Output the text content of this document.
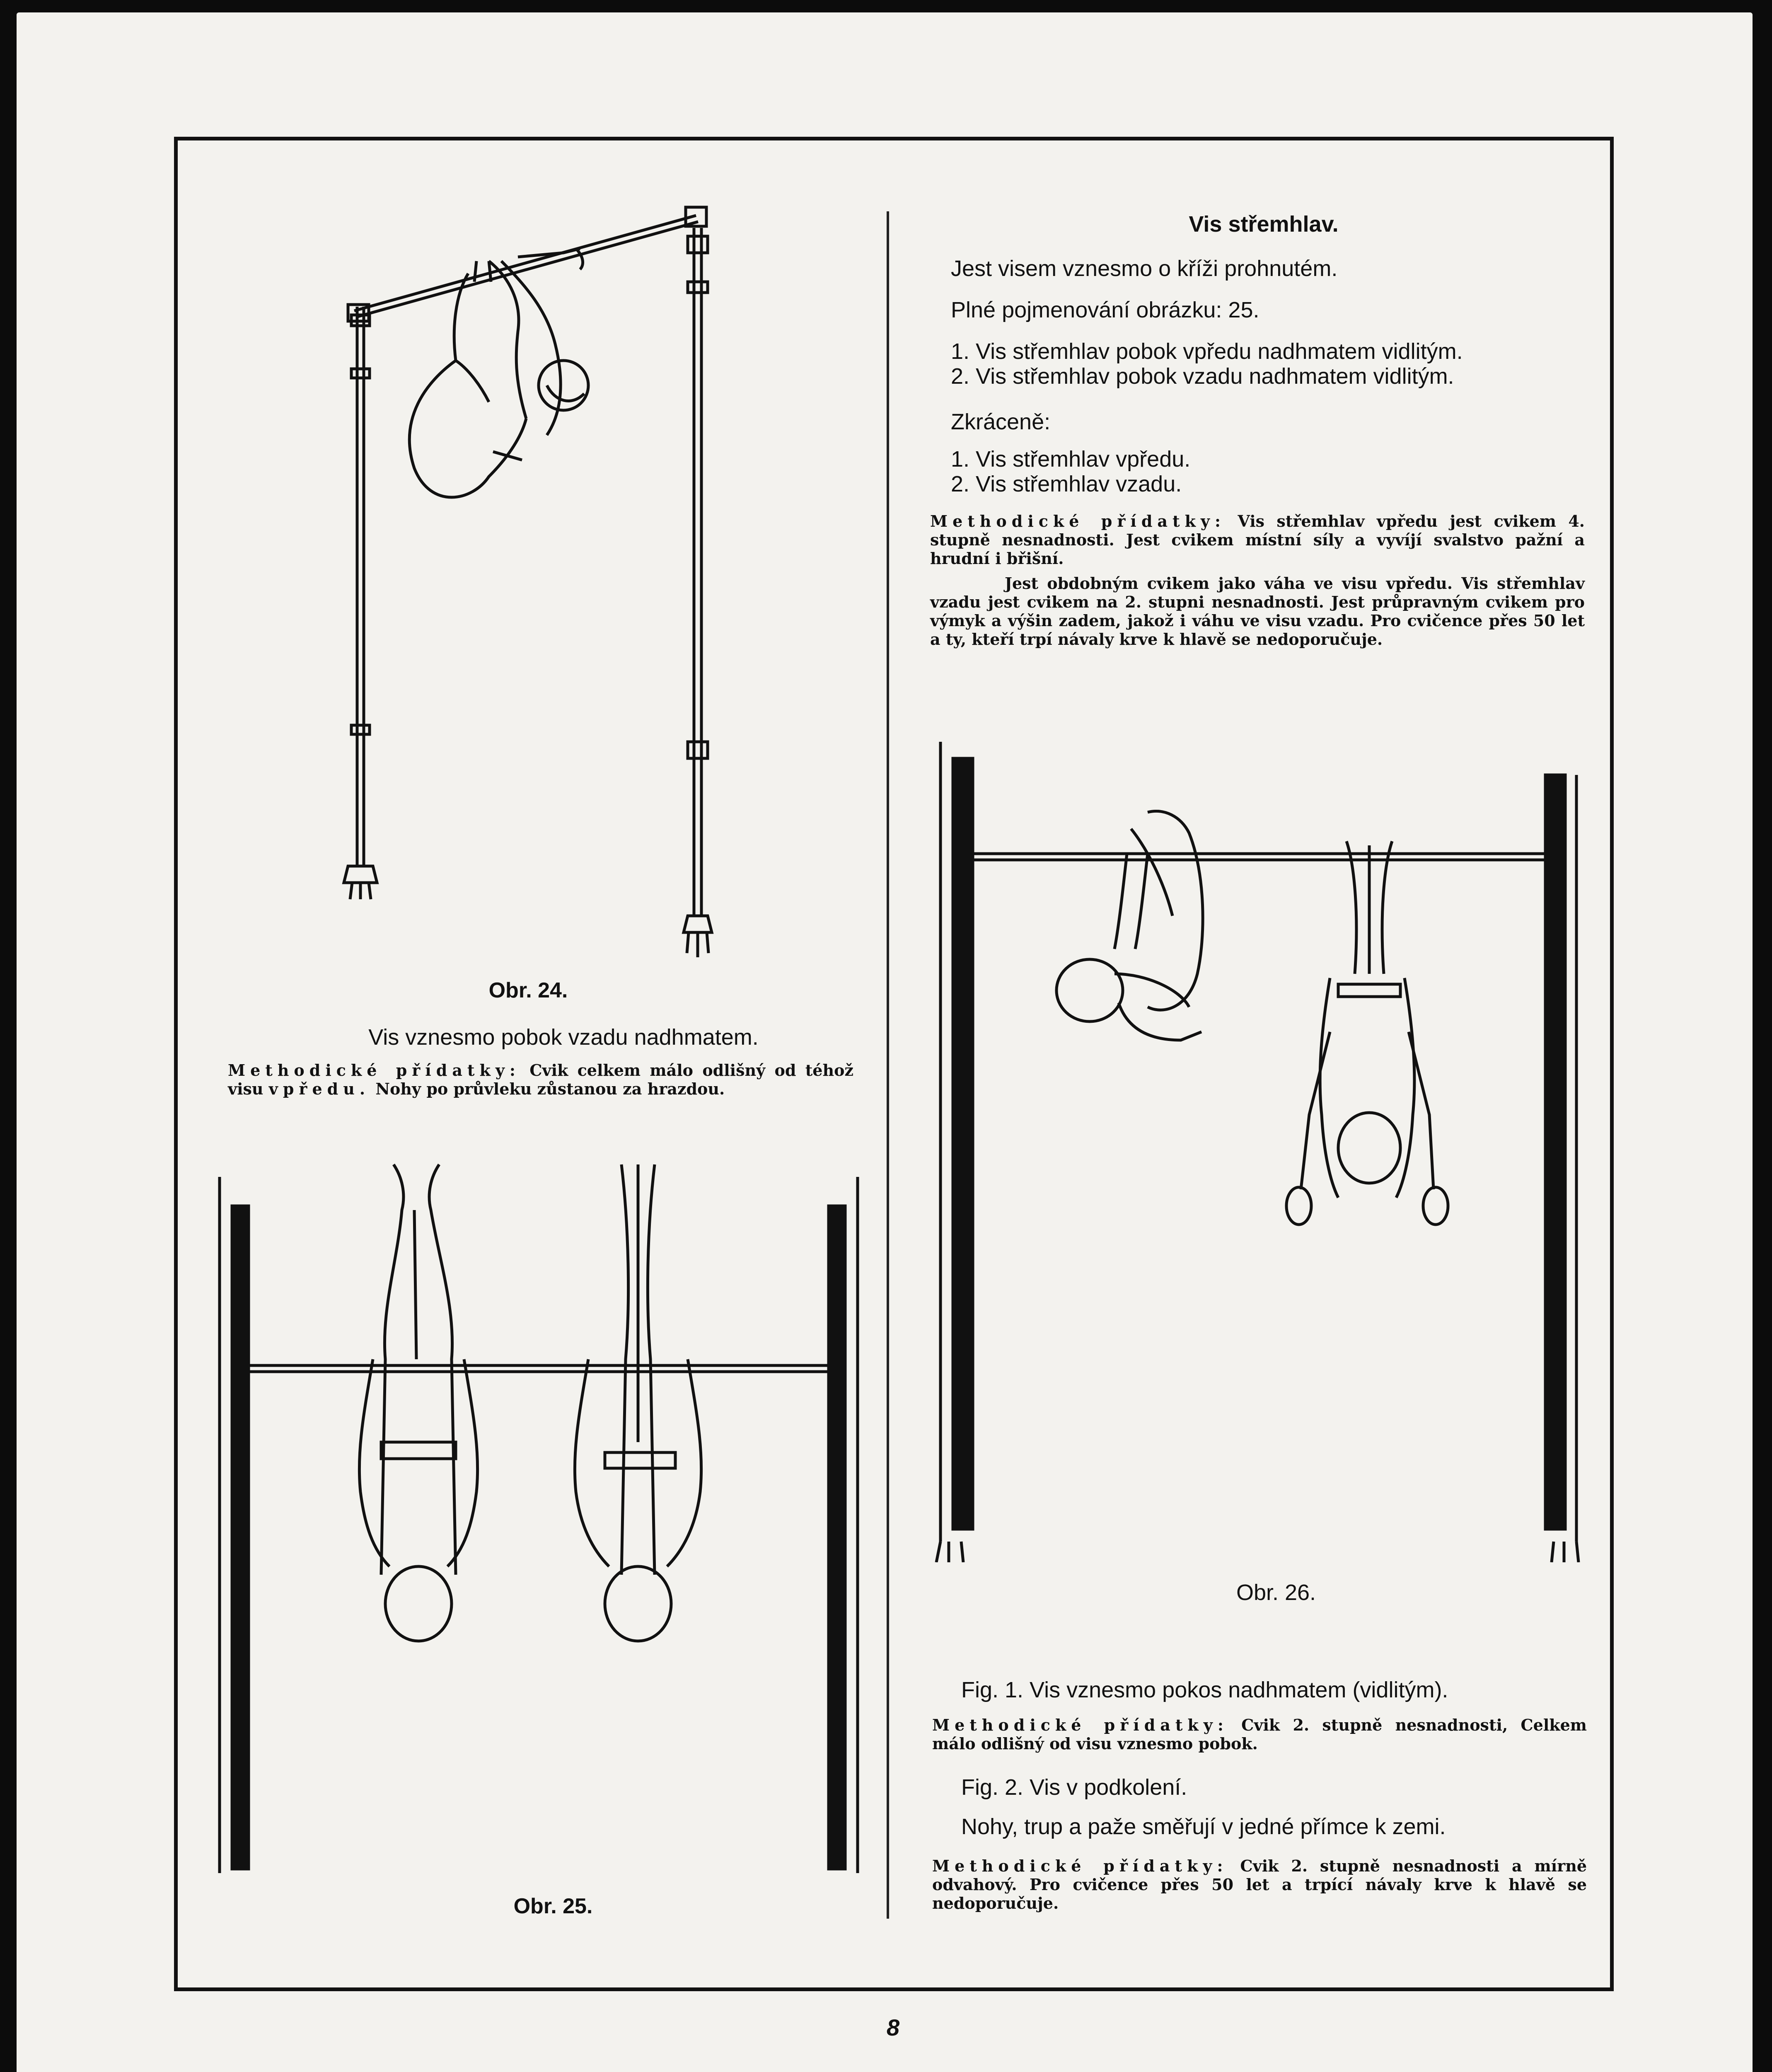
Obr. 24.
Vis vznesmo pobok vzadu nadhmatem.
Methodické přídatky: Cvik celkem málo odlišný od téhož visu vpředu. Nohy po průvleku zůstanou za hrazdou.
Obr. 25.
Vis střemhlav.
Jest visem vznesmo o kříži prohnutém.
Plné pojmenování obrázku: 25.
1. Vis střemhlav pobok vpředu nadhmatem vidlitým.
2. Vis střemhlav pobok vzadu nadhmatem vidlitým.
Zkráceně:
1. Vis střemhlav vpředu.
2. Vis střemhlav vzadu.
Methodické přídatky: Vis střemhlav vpředu jest cvikem 4. stupně nesnadnosti. Jest cvikem místní síly a vyvíjí svalstvo pažní a hrudní i břišní.
Jest obdobným cvikem jako váha ve visu vpředu. Vis střemhlav vzadu jest cvikem na 2. stupni nesnadnosti. Jest průpravným cvikem pro výmyk a výšin zadem, jakož i váhu ve visu vzadu. Pro cvičence přes 50 let a ty, kteří trpí návaly krve k hlavě se nedoporučuje.
Obr. 26.
Fig. 1. Vis vznesmo pokos nadhmatem (vidlitým).
Methodické přídatky: Cvik 2. stupně nesnadnosti, Celkem málo odlišný od visu vznesmo pobok.
Fig. 2. Vis v podkolení.
Nohy, trup a paže směřují v jedné přímce k zemi.
Methodické přídatky: Cvik 2. stupně nesnadnosti a mírně odvahový. Pro cvičence přes 50 let a trpící návaly krve k hlavě se nedoporučuje.
8
